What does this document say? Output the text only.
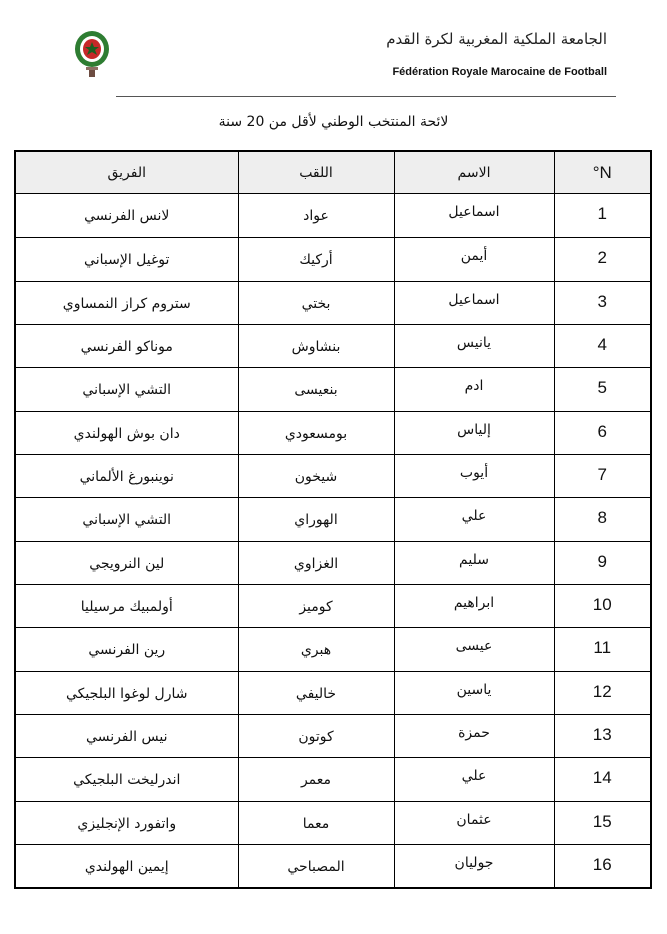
الجامعة الملكية المغربية لكرة القدم
Fédération Royale Marocaine de Football
لائحة المنتخب الوطني لأقل من 20 سنة
الفريق	اللقب	الاسم	N°
لانس الفرنسي	عواد	اسماعيل	1
توغيل الإسباني	أركيك	أيمن	2
ستروم كراز النمساوي	بختي	اسماعيل	3
موناكو الفرنسي	بنشاوش	يانيس	4
التشي الإسباني	بنعيسى	ادم	5
دان بوش الهولندي	بومسعودي	إلياس	6
نوينبورغ الألماني	شيخون	أيوب	7
التشي الإسباني	الهوراي	علي	8
لين النرويجي	الغزاوي	سليم	9
أولمبيك مرسيليا	كوميز	ابراهيم	10
رين الفرنسي	هبري	عيسى	11
شارل لوغوا البلجيكي	خاليفي	ياسين	12
نيس الفرنسي	كوتون	حمزة	13
اندرليخت البلجيكي	معمر	علي	14
واتفورد الإنجليزي	معما	عثمان	15
إيمين الهولندي	المصباحي	جوليان	16
